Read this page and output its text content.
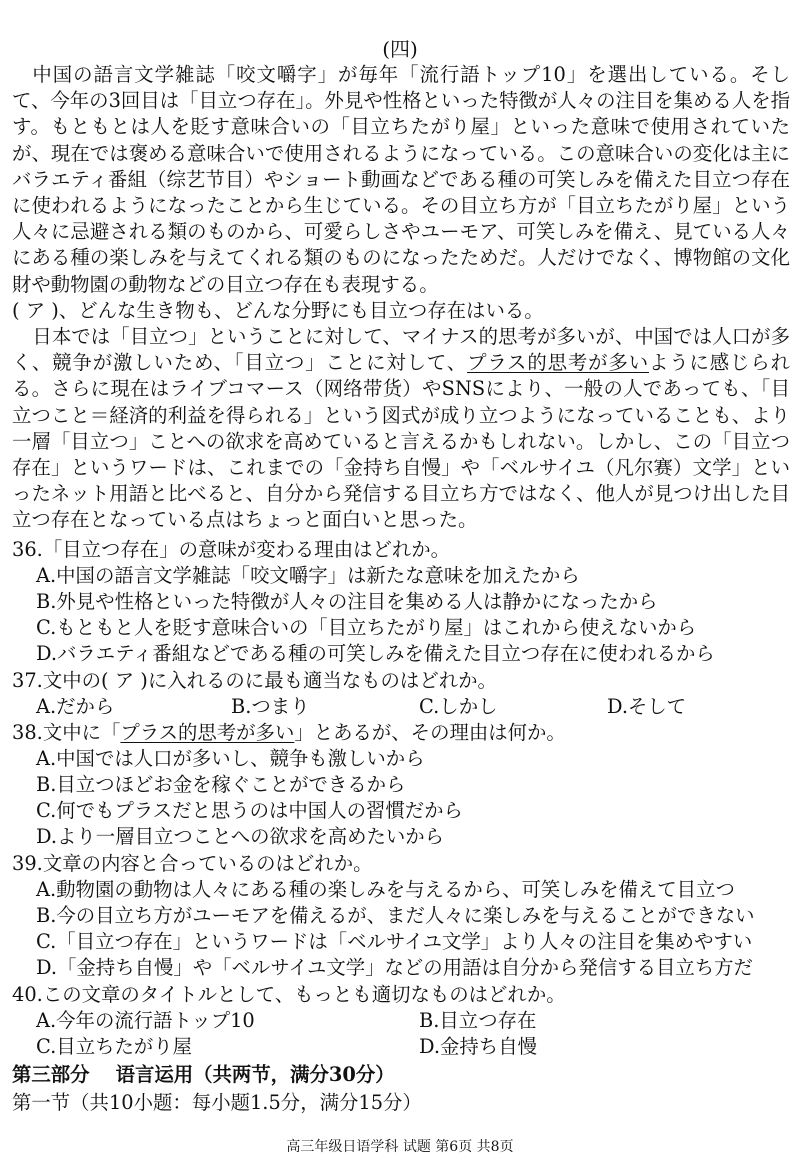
(四)

中国の語言文学雑誌「咬文嚼字」が毎年「流行語トップ10」を選出している。そして、今年の3回目は「目立つ存在」。外見や性格といった特徴が人々の注目を集める人を指す。もともとは人を貶す意味合いの「目立ちたがり屋」といった意味で使用されていたが、現在では褒める意味合いで使用されるようになっている。この意味合いの変化は主にバラエティ番組（综艺节目）やショート動画などである種の可笑しみを備えた目立つ存在に使われるようになったことから生じている。その目立ち方が「目立ちたがり屋」という人々に忌避される類のものから、可愛らしさやユーモア、可笑しみを備え、見ている人々にある種の楽しみを与えてくれる類のものになったためだ。人だけでなく、博物館の文化財や動物園の動物などの目立つ存在も表現する。

( ア )、どんな生き物も、どんな分野にも目立つ存在はいる。

日本では「目立つ」ということに対して、マイナス的思考が多いが、中国では人口が多く、競争が激しいため、「目立つ」ことに対して、プラス的思考が多いように感じられる。さらに現在はライブコマース（网络带货）やSNSにより、一般の人であっても、「目立つこと＝経済的利益を得られる」という図式が成り立つようになっていることも、より一層「目立つ」ことへの欲求を高めていると言えるかもしれない。しかし、この「目立つ存在」というワードは、これまでの「金持ち自慢」や「ベルサイユ（凡尔赛）文学」といったネット用語と比べると、自分から発信する目立ち方ではなく、他人が見つけ出した目立つ存在となっている点はちょっと面白いと思った。

36.「目立つ存在」の意味が変わる理由はどれか。
A.中国の語言文学雑誌「咬文嚼字」は新たな意味を加えたから
B.外見や性格といった特徴が人々の注目を集める人は静かになったから
C.もともと人を貶す意味合いの「目立ちたがり屋」はこれから使えないから
D.バラエティ番組などである種の可笑しみを備えた目立つ存在に使われるから
37.文中の( ア )に入れるのに最も適当なものはどれか。
A.だから	B.つまり	C.しかし	D.そして
38.文中に「プラス的思考が多い」とあるが、その理由は何か。
A.中国では人口が多いし、競争も激しいから
B.目立つほどお金を稼ぐことができるから
C.何でもプラスだと思うのは中国人の習慣だから
D.より一層目立つことへの欲求を高めたいから
39.文章の内容と合っているのはどれか。
A.動物園の動物は人々にある種の楽しみを与えるから、可笑しみを備えて目立つ
B.今の目立ち方がユーモアを備えるが、まだ人々に楽しみを与えることができない
C.「目立つ存在」というワードは「ベルサイユ文学」より人々の注目を集めやすい
D.「金持ち自慢」や「ベルサイユ文学」などの用語は自分から発信する目立ち方だ
40.この文章のタイトルとして、もっとも適切なものはどれか。
A.今年の流行語トップ10	B.目立つ存在
C.目立ちたがり屋	D.金持ち自慢
第三部分 语言运用（共两节，满分30分）
第一节（共10小题：每小题1.5分，满分15分）
高三年级日语学科 试题 第6页 共8页
